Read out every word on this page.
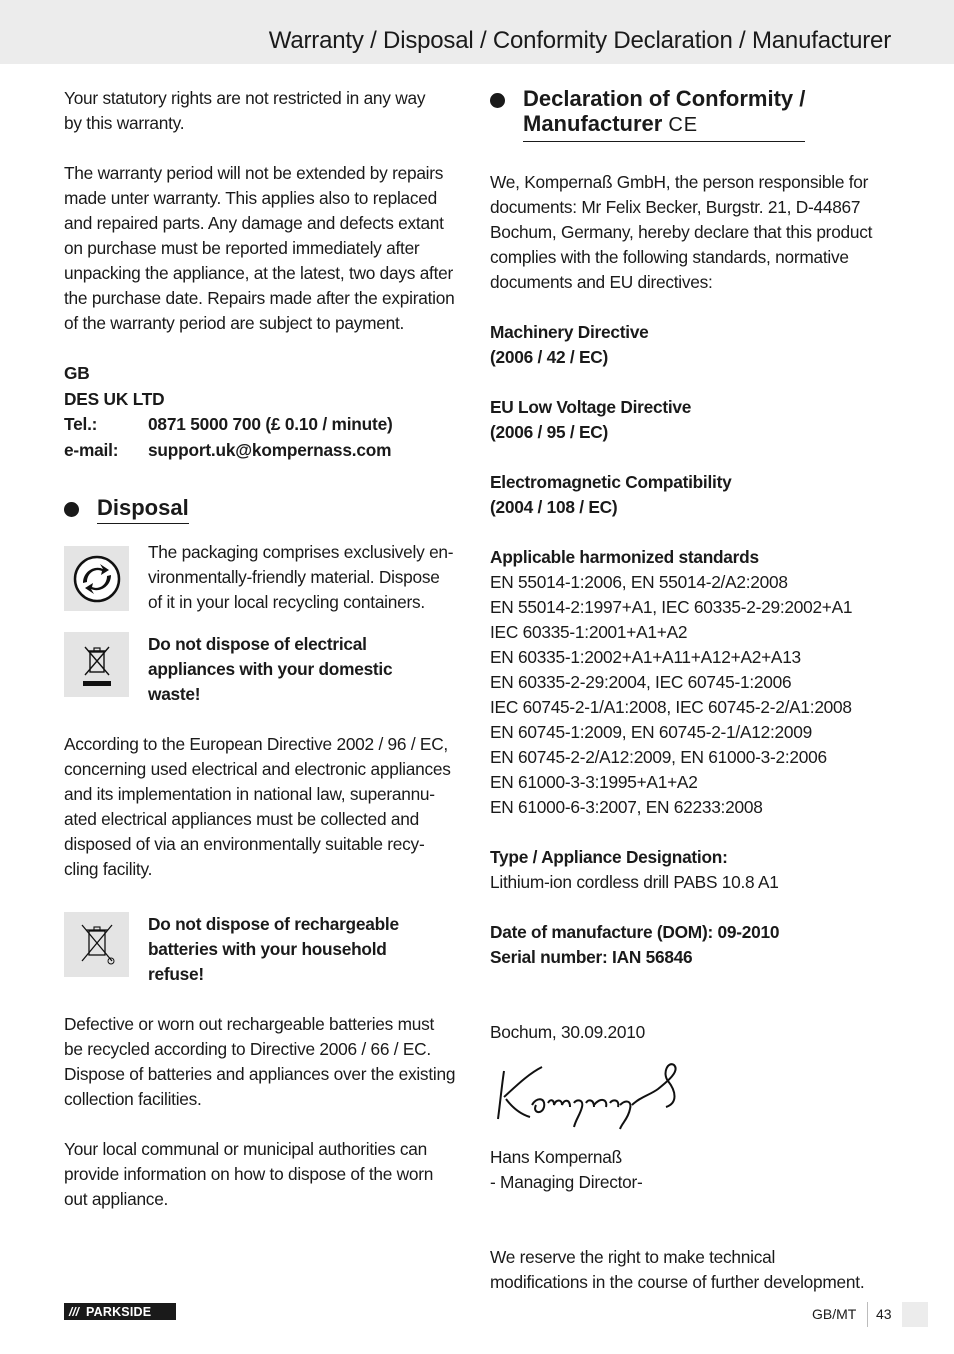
Warranty / Disposal / Conformity Declaration / Manufacturer
Your statutory rights are not restricted in any way
by this warranty.
The warranty period will not be extended by repairs
made unter warranty. This applies also to replaced
and repaired parts. Any damage and defects extant
on purchase must be reported immediately after
unpacking the appliance, at the latest, two days after
the purchase date. Repairs made after the expiration
of the warranty period are subject to payment.
GB
DES UK LTD
Tel.:	0871 5000 700 (£ 0.10 / minute)
e-mail:	support.uk@kompernass.com
Disposal
The packaging comprises exclusively en-
vironmentally-friendly material. Dispose
of it in your local recycling containers.
Do not dispose of electrical
appliances with your domestic
waste!
According to the European Directive 2002 / 96 / EC,
concerning used electrical and electronic appliances
and its implementation in national law, superannu-
ated electrical appliances must be collected and
disposed of via an environmentally suitable recy-
cling facility.
Do not dispose of rechargeable
batteries with your household
refuse!
Defective or worn out rechargeable batteries must
be recycled according to Directive 2006 / 66 / EC.
Dispose of batteries and appliances over the existing
collection facilities.
Your local communal or municipal authorities can
provide information on how to dispose of the worn
out appliance.
Declaration of Conformity /
Manufacturer CE
We, Kompernaß GmbH, the person responsible for
documents: Mr Felix Becker, Burgstr. 21, D-44867
Bochum, Germany, hereby declare that this product
complies with the following standards, normative
documents and EU directives:
Machinery Directive
(2006 / 42 / EC)
EU Low Voltage Directive
(2006 / 95 / EC)
Electromagnetic Compatibility
(2004 / 108 / EC)
Applicable harmonized standards
EN 55014-1:2006, EN 55014-2/A2:2008
EN 55014-2:1997+A1, IEC 60335-2-29:2002+A1
IEC 60335-1:2001+A1+A2
EN 60335-1:2002+A1+A11+A12+A2+A13
EN 60335-2-29:2004, IEC 60745-1:2006
IEC 60745-2-1/A1:2008, IEC 60745-2-2/A1:2008
EN 60745-1:2009, EN 60745-2-1/A12:2009
EN 60745-2-2/A12:2009, EN 61000-3-2:2006
EN 61000-3-3:1995+A1+A2
EN 61000-6-3:2007, EN 62233:2008
Type / Appliance Designation:
Lithium-ion cordless drill PABS 10.8 A1
Date of manufacture (DOM): 09-2010
Serial number: IAN 56846
Bochum, 30.09.2010
Hans Kompernaß
- Managing Director-
We reserve the right to make technical
modifications in the course of further development.
/// PARKSIDE	GB/MT 43
